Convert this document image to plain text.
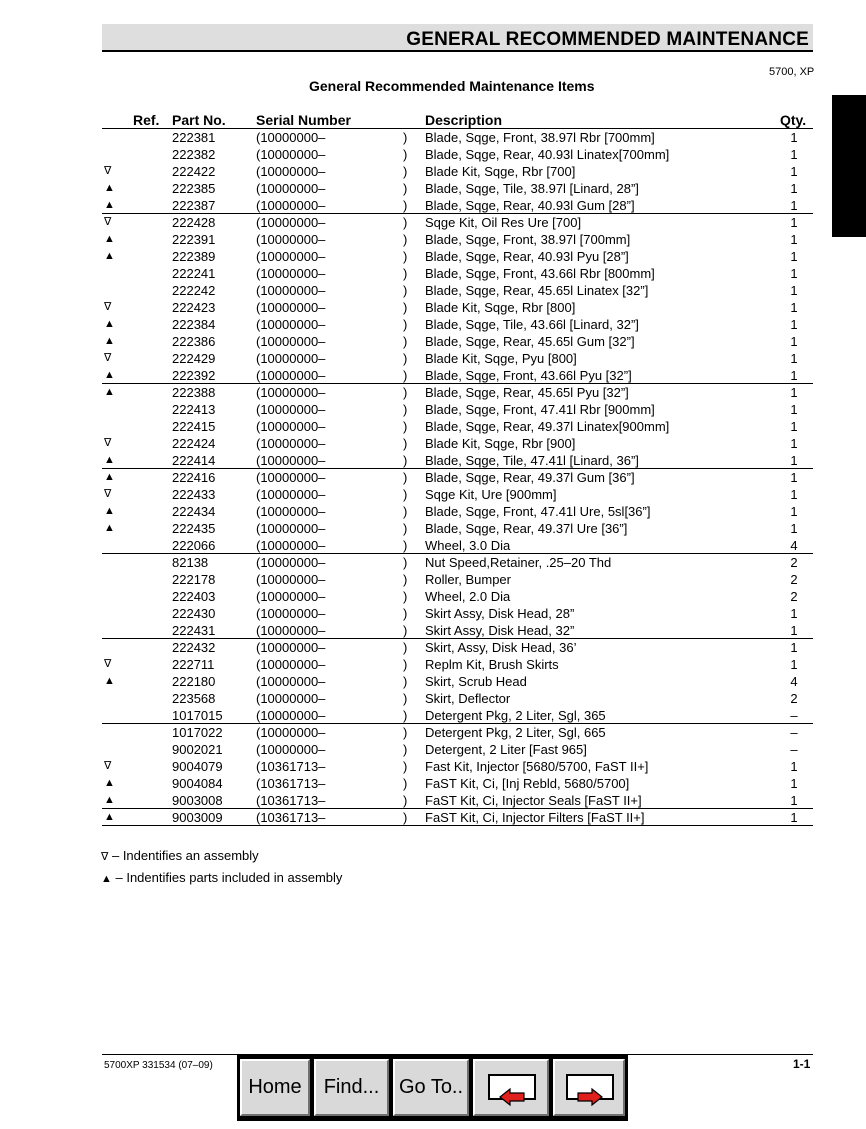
GENERAL RECOMMENDED MAINTENANCE
5700, XP
General Recommended Maintenance Items
Ref. Part No. Serial Number	Description	Qty.
222381	(10000000–	) Blade, Sqge, Front, 38.97l Rbr [700mm]	1
222382	(10000000–	) Blade, Sqge, Rear, 40.93l Linatex[700mm]	1
∇	222422	(10000000–	) Blade Kit, Sqge, Rbr [700]	1
▲	222385	(10000000–	) Blade, Sqge, Tile, 38.97l [Linard, 28”]	1
▲	222387	(10000000–	) Blade, Sqge, Rear, 40.93l Gum [28”]	1
∇	222428	(10000000–	) Sqge Kit, Oil Res Ure [700]	1
▲	222391	(10000000–	) Blade, Sqge, Front, 38.97l [700mm]	1
▲	222389	(10000000–	) Blade, Sqge, Rear, 40.93l Pyu [28”]	1
222241	(10000000–	) Blade, Sqge, Front, 43.66l Rbr [800mm]	1
222242	(10000000–	) Blade, Sqge, Rear, 45.65l Linatex [32”]	1
∇	222423	(10000000–	) Blade Kit, Sqge, Rbr [800]	1
▲	222384	(10000000–	) Blade, Sqge, Tile, 43.66l [Linard, 32”]	1
▲	222386	(10000000–	) Blade, Sqge, Rear, 45.65l Gum [32”]	1
∇	222429	(10000000–	) Blade Kit, Sqge, Pyu [800]	1
▲	222392	(10000000–	) Blade, Sqge, Front, 43.66l Pyu [32”]	1
▲	222388	(10000000–	) Blade, Sqge, Rear, 45.65l Pyu [32”]	1
222413	(10000000–	) Blade, Sqge, Front, 47.41l Rbr [900mm]	1
222415	(10000000–	) Blade, Sqge, Rear, 49.37l Linatex[900mm]	1
∇	222424	(10000000–	) Blade Kit, Sqge, Rbr [900]	1
▲	222414	(10000000–	) Blade, Sqge, Tile, 47.41l [Linard, 36”]	1
▲	222416	(10000000–	) Blade, Sqge, Rear, 49.37l Gum [36”]	1
∇	222433	(10000000–	) Sqge Kit, Ure [900mm]	1
▲	222434	(10000000–	) Blade, Sqge, Front, 47.41l Ure, 5sl[36”]	1
▲	222435	(10000000–	) Blade, Sqge, Rear, 49.37l Ure [36”]	1
222066	(10000000–	) Wheel, 3.0 Dia	4
82138	(10000000–	) Nut Speed,Retainer, .25–20 Thd	2
222178	(10000000–	) Roller, Bumper	2
222403	(10000000–	) Wheel, 2.0 Dia	2
222430	(10000000–	) Skirt Assy, Disk Head, 28”	1
222431	(10000000–	) Skirt Assy, Disk Head, 32”	1
222432	(10000000–	) Skirt, Assy, Disk Head, 36’	1
∇	222711	(10000000–	) Replm Kit, Brush Skirts	1
▲	222180	(10000000–	) Skirt, Scrub Head	4
223568	(10000000–	) Skirt, Deflector	2
1017015	(10000000–	) Detergent Pkg, 2 Liter, Sgl, 365	–
1017022	(10000000–	) Detergent Pkg, 2 Liter, Sgl, 665	–
9002021	(10000000–	) Detergent, 2 Liter [Fast 965]	–
∇	9004079	(10361713–	) Fast Kit, Injector [5680/5700, FaST II+]	1
▲	9004084	(10361713–	) FaST Kit, Ci, [Inj Rebld, 5680/5700]	1
▲	9003008	(10361713–	) FaST Kit, Ci, Injector Seals [FaST II+]	1
▲	9003009	(10361713–	) FaST Kit, Ci, Injector Filters [FaST II+]	1
∇ – Indentifies an assembly
▲ – Indentifies parts included in assembly
5700XP 331534 (07–09)	1-1
Home	Find... Go To..
